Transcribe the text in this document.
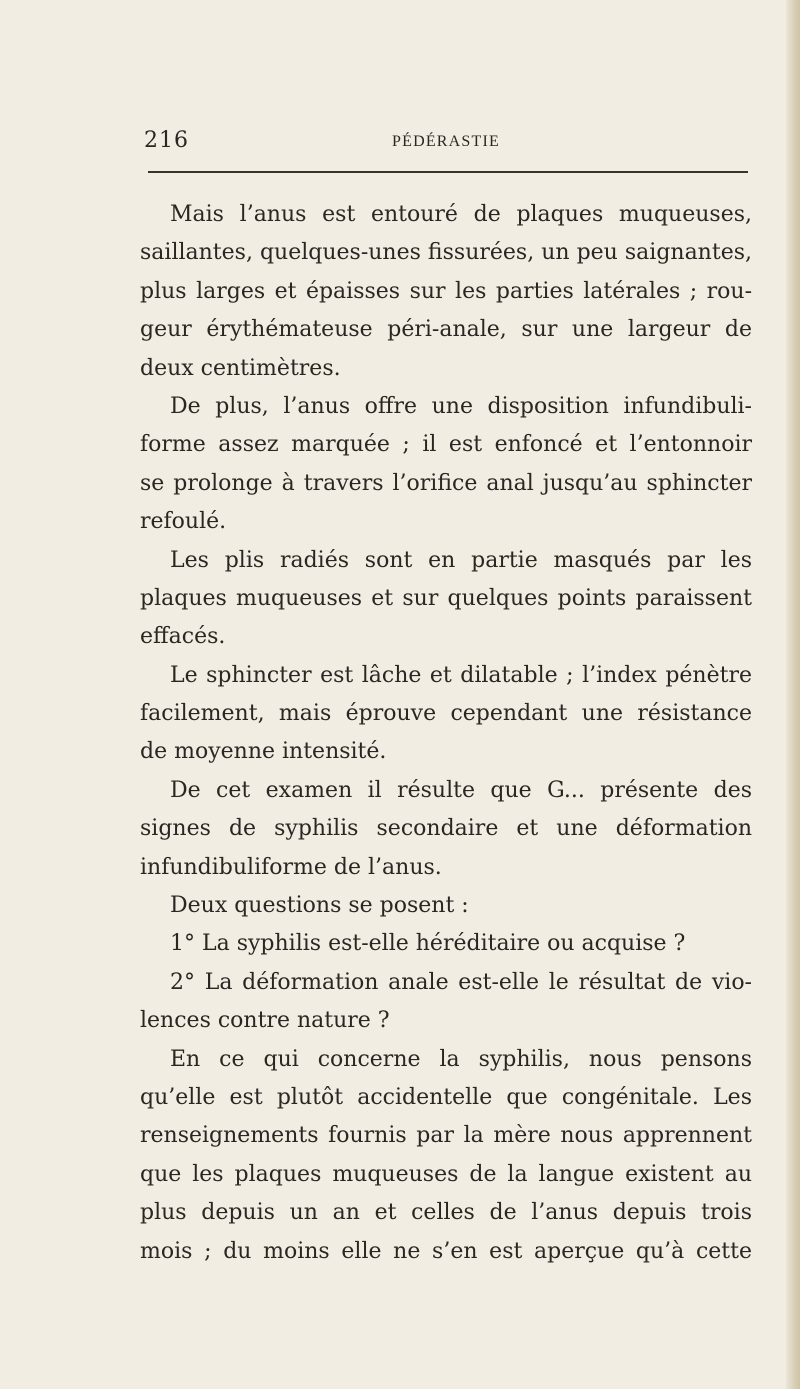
216	PÉDÉRASTIE
Mais l’anus est entouré de plaques muqueuses,
saillantes, quelques-unes fissurées, un peu saignantes,
plus larges et épaisses sur les parties latérales ; rou-
geur érythémateuse péri-anale, sur une largeur de
deux centimètres.
De plus, l’anus offre une disposition infundibuli-
forme assez marquée ; il est enfoncé et l’entonnoir
se prolonge à travers l’orifice anal jusqu’au sphincter
refoulé.
Les plis radiés sont en partie masqués par les
plaques muqueuses et sur quelques points paraissent
effacés.
Le sphincter est lâche et dilatable ; l’index pénètre
facilement, mais éprouve cependant une résistance
de moyenne intensité.
De cet examen il résulte que G... présente des
signes de syphilis secondaire et une déformation
infundibuliforme de l’anus.
Deux questions se posent :
1° La syphilis est-elle héréditaire ou acquise ?
2° La déformation anale est-elle le résultat de vio-
lences contre nature ?
En ce qui concerne la syphilis, nous pensons
qu’elle est plutôt accidentelle que congénitale. Les
renseignements fournis par la mère nous apprennent
que les plaques muqueuses de la langue existent au
plus depuis un an et celles de l’anus depuis trois
mois ; du moins elle ne s’en est aperçue qu’à cette
